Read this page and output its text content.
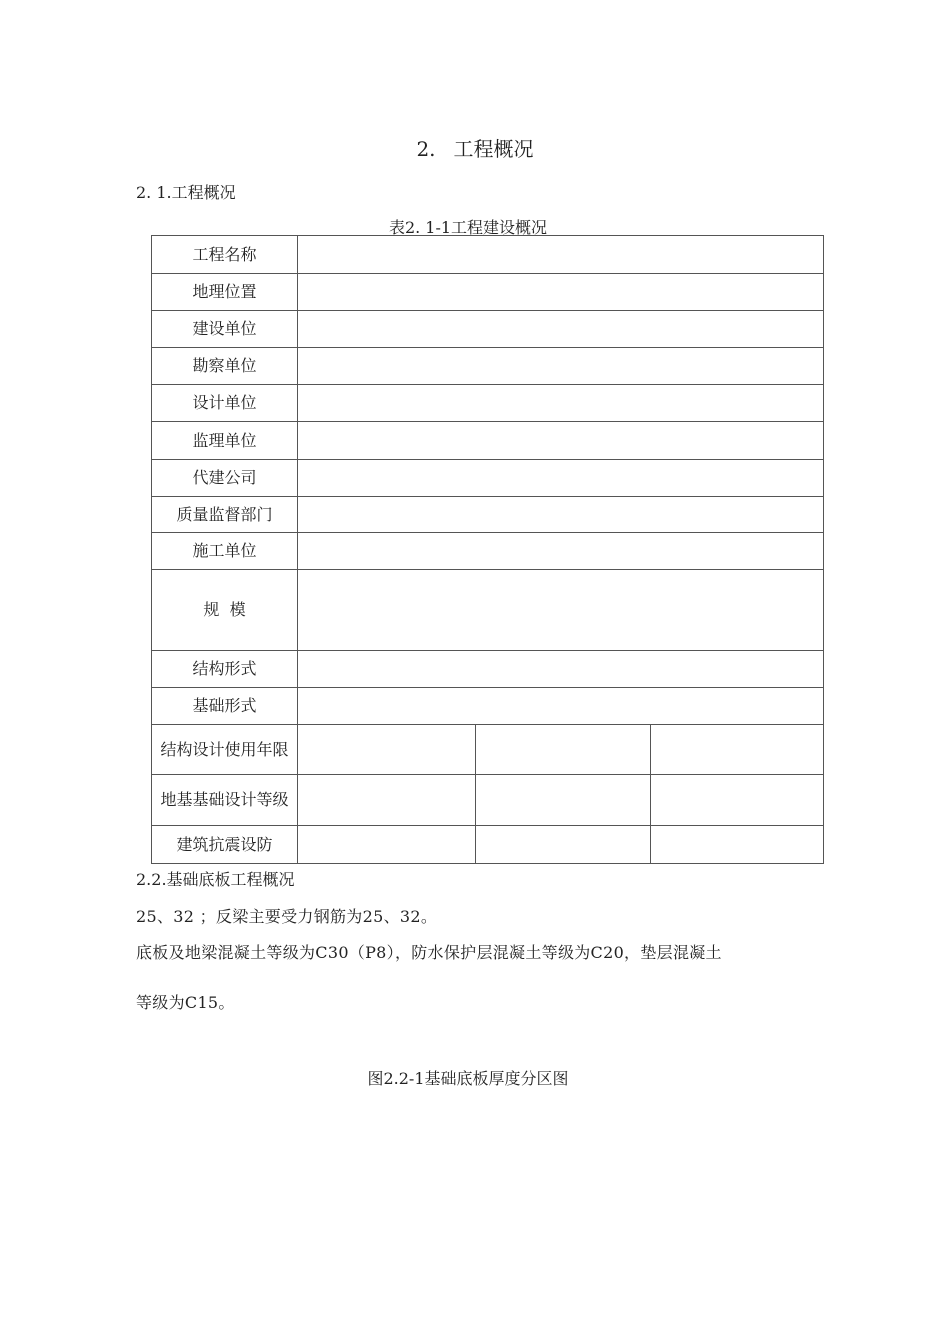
2. 工程概况
2. 1.工程概况
表2. 1-1工程建设概况
工程名称			
地理位置			
建设单位			
勘察单位			
设计单位			
监理单位			
代建公司			
质量监督部门			
施工单位			
规  模			
结构形式			
基础形式			
结构设计使用年限			
地基基础设计等级			
建筑抗震设防			
2.2.基础底板工程概况
25、32 ；反梁主要受力钢筋为25、32。
底板及地梁混凝土等级为C30（P8），防水保护层混凝土等级为C20，垫层混凝土
等级为C15。
图2.2-1基础底板厚度分区图
